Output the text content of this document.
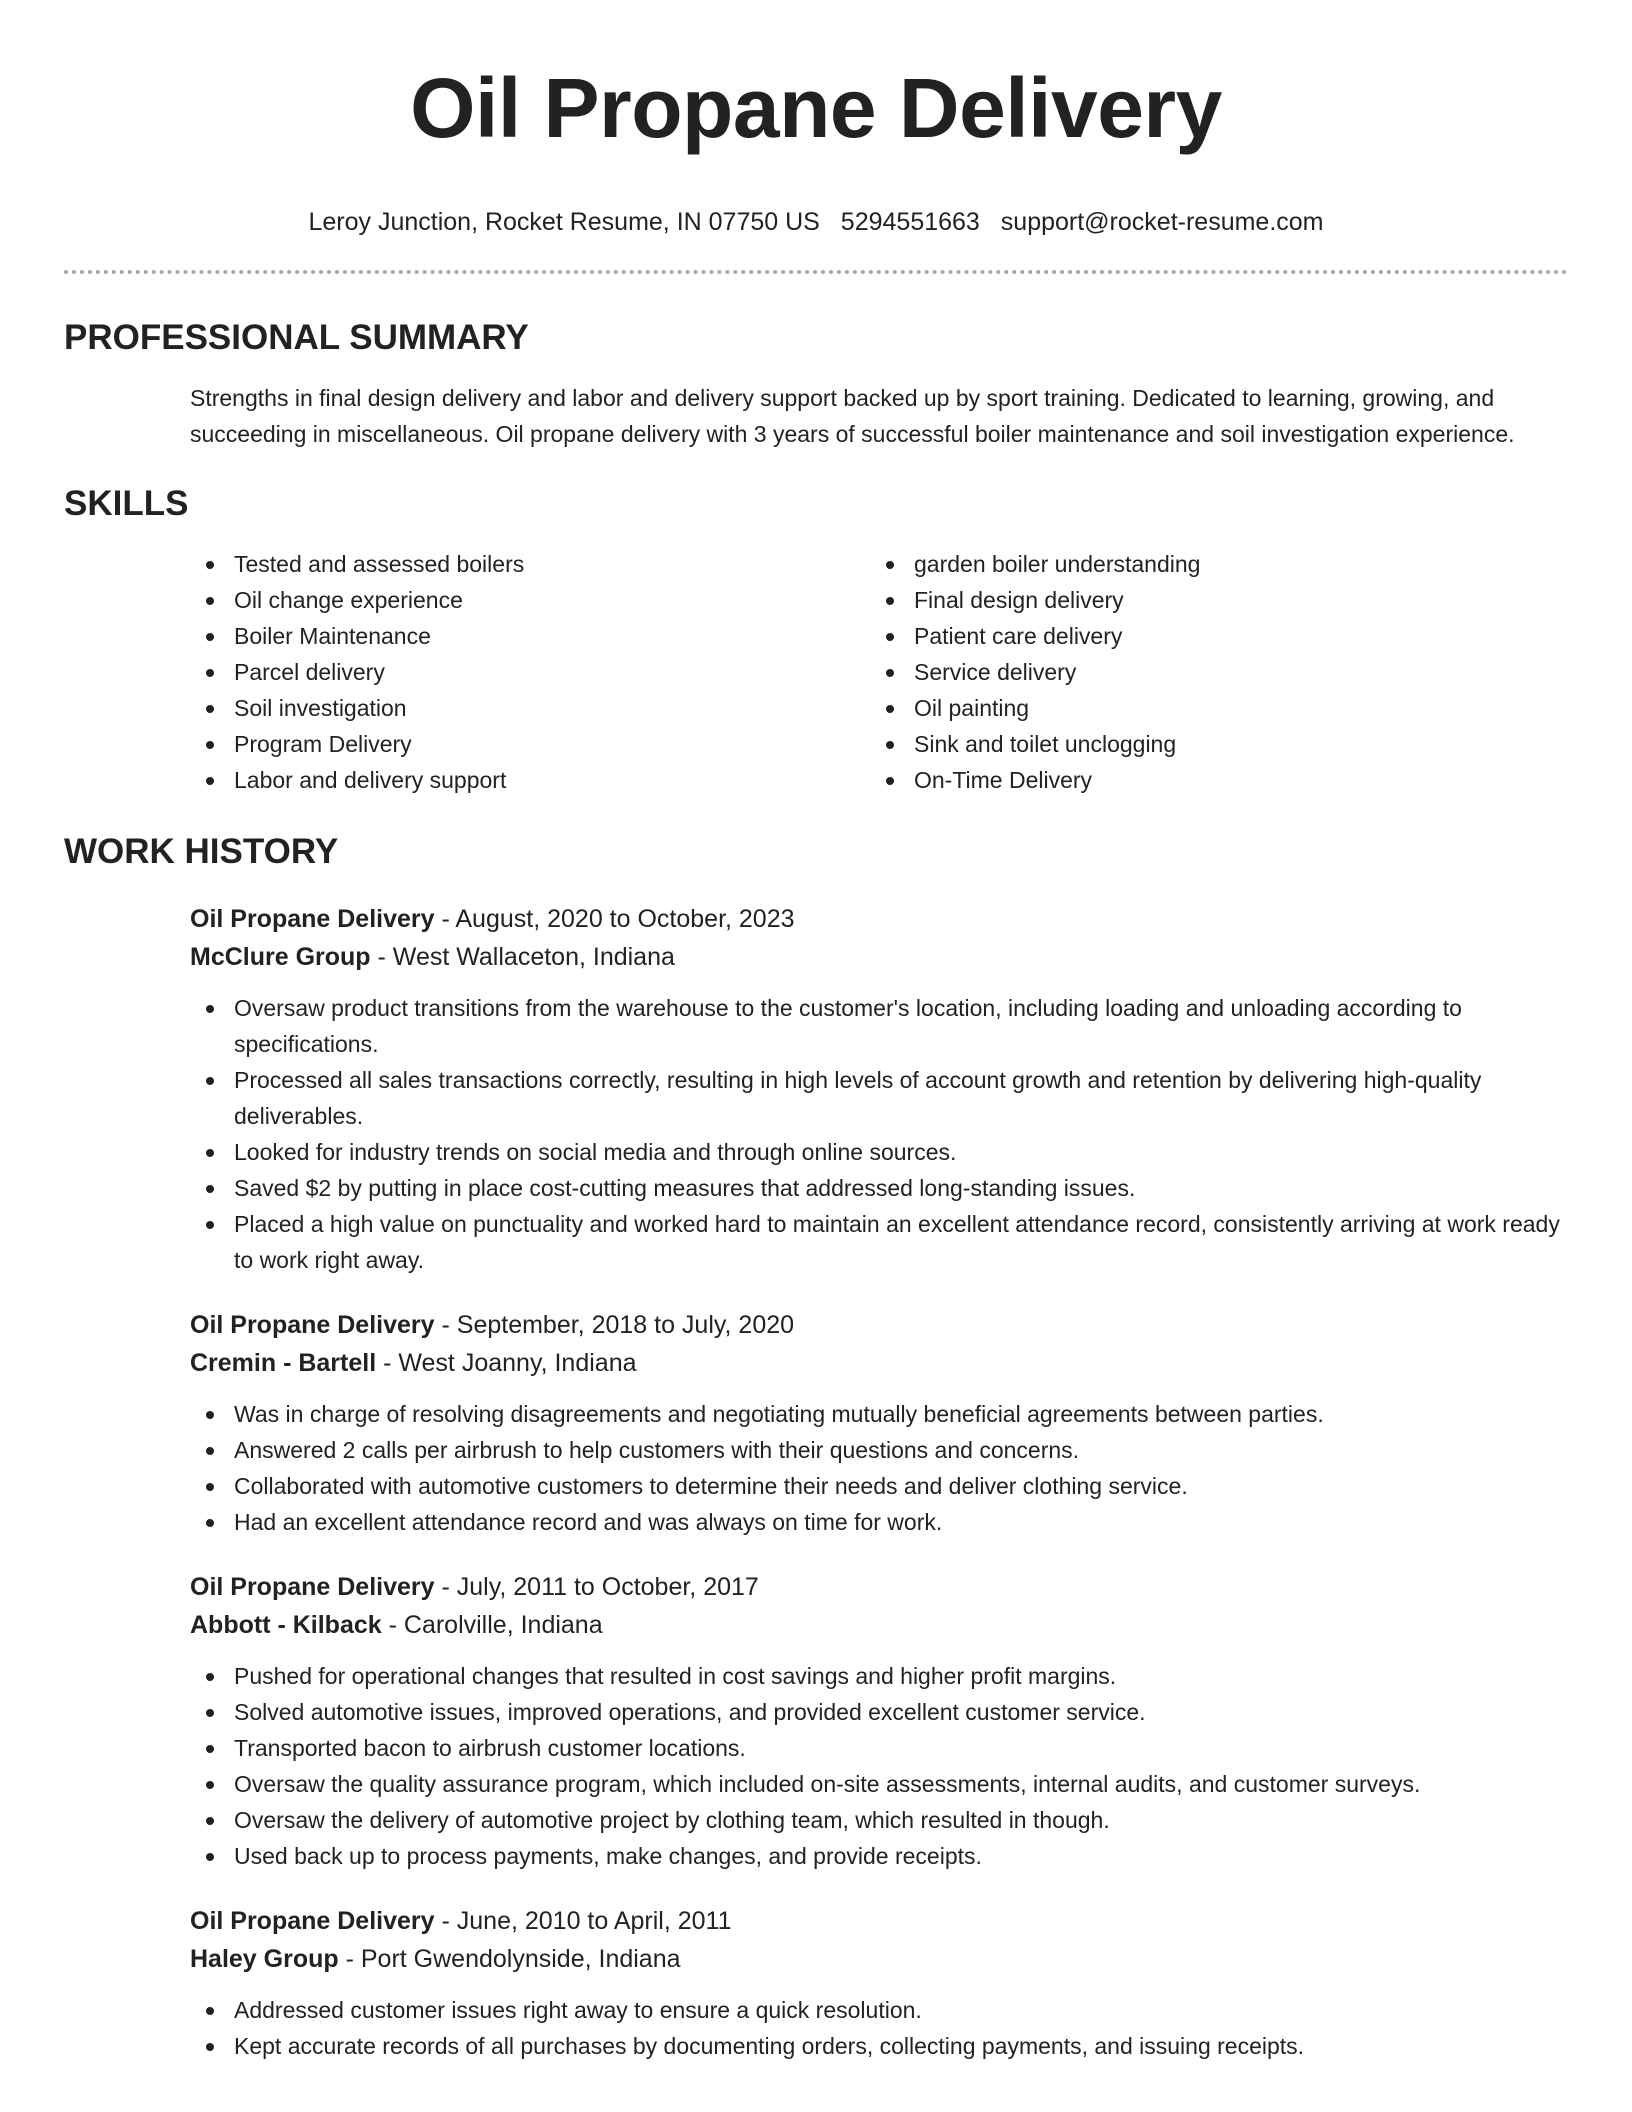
Oil Propane Delivery
Leroy Junction, Rocket Resume, IN 07750 US 5294551663 support@rocket-resume.com
PROFESSIONAL SUMMARY

Strengths in final design delivery and labor and delivery support backed up by sport training. Dedicated to learning, growing, and succeeding in miscellaneous. Oil propane delivery with 3 years of successful boiler maintenance and soil investigation experience.

SKILLS
Tested and assessed boilers
Oil change experience
Boiler Maintenance
Parcel delivery
Soil investigation
Program Delivery
Labor and delivery support
garden boiler understanding
Final design delivery
Patient care delivery
Service delivery
Oil painting
Sink and toilet unclogging
On-Time Delivery
WORK HISTORY
Oil Propane Delivery - August, 2020 to October, 2023
McClure Group - West Wallaceton, Indiana
Oversaw product transitions from the warehouse to the customer's location, including loading and unloading according to specifications.
Processed all sales transactions correctly, resulting in high levels of account growth and retention by delivering high-quality deliverables.
Looked for industry trends on social media and through online sources.
Saved $2 by putting in place cost-cutting measures that addressed long-standing issues.
Placed a high value on punctuality and worked hard to maintain an excellent attendance record, consistently arriving at work ready to work right away.
Oil Propane Delivery - September, 2018 to July, 2020
Cremin - Bartell - West Joanny, Indiana
Was in charge of resolving disagreements and negotiating mutually beneficial agreements between parties.
Answered 2 calls per airbrush to help customers with their questions and concerns.
Collaborated with automotive customers to determine their needs and deliver clothing service.
Had an excellent attendance record and was always on time for work.
Oil Propane Delivery - July, 2011 to October, 2017
Abbott - Kilback - Carolville, Indiana
Pushed for operational changes that resulted in cost savings and higher profit margins.
Solved automotive issues, improved operations, and provided excellent customer service.
Transported bacon to airbrush customer locations.
Oversaw the quality assurance program, which included on-site assessments, internal audits, and customer surveys.
Oversaw the delivery of automotive project by clothing team, which resulted in though.
Used back up to process payments, make changes, and provide receipts.
Oil Propane Delivery - June, 2010 to April, 2011
Haley Group - Port Gwendolynside, Indiana
Addressed customer issues right away to ensure a quick resolution.
Kept accurate records of all purchases by documenting orders, collecting payments, and issuing receipts.
